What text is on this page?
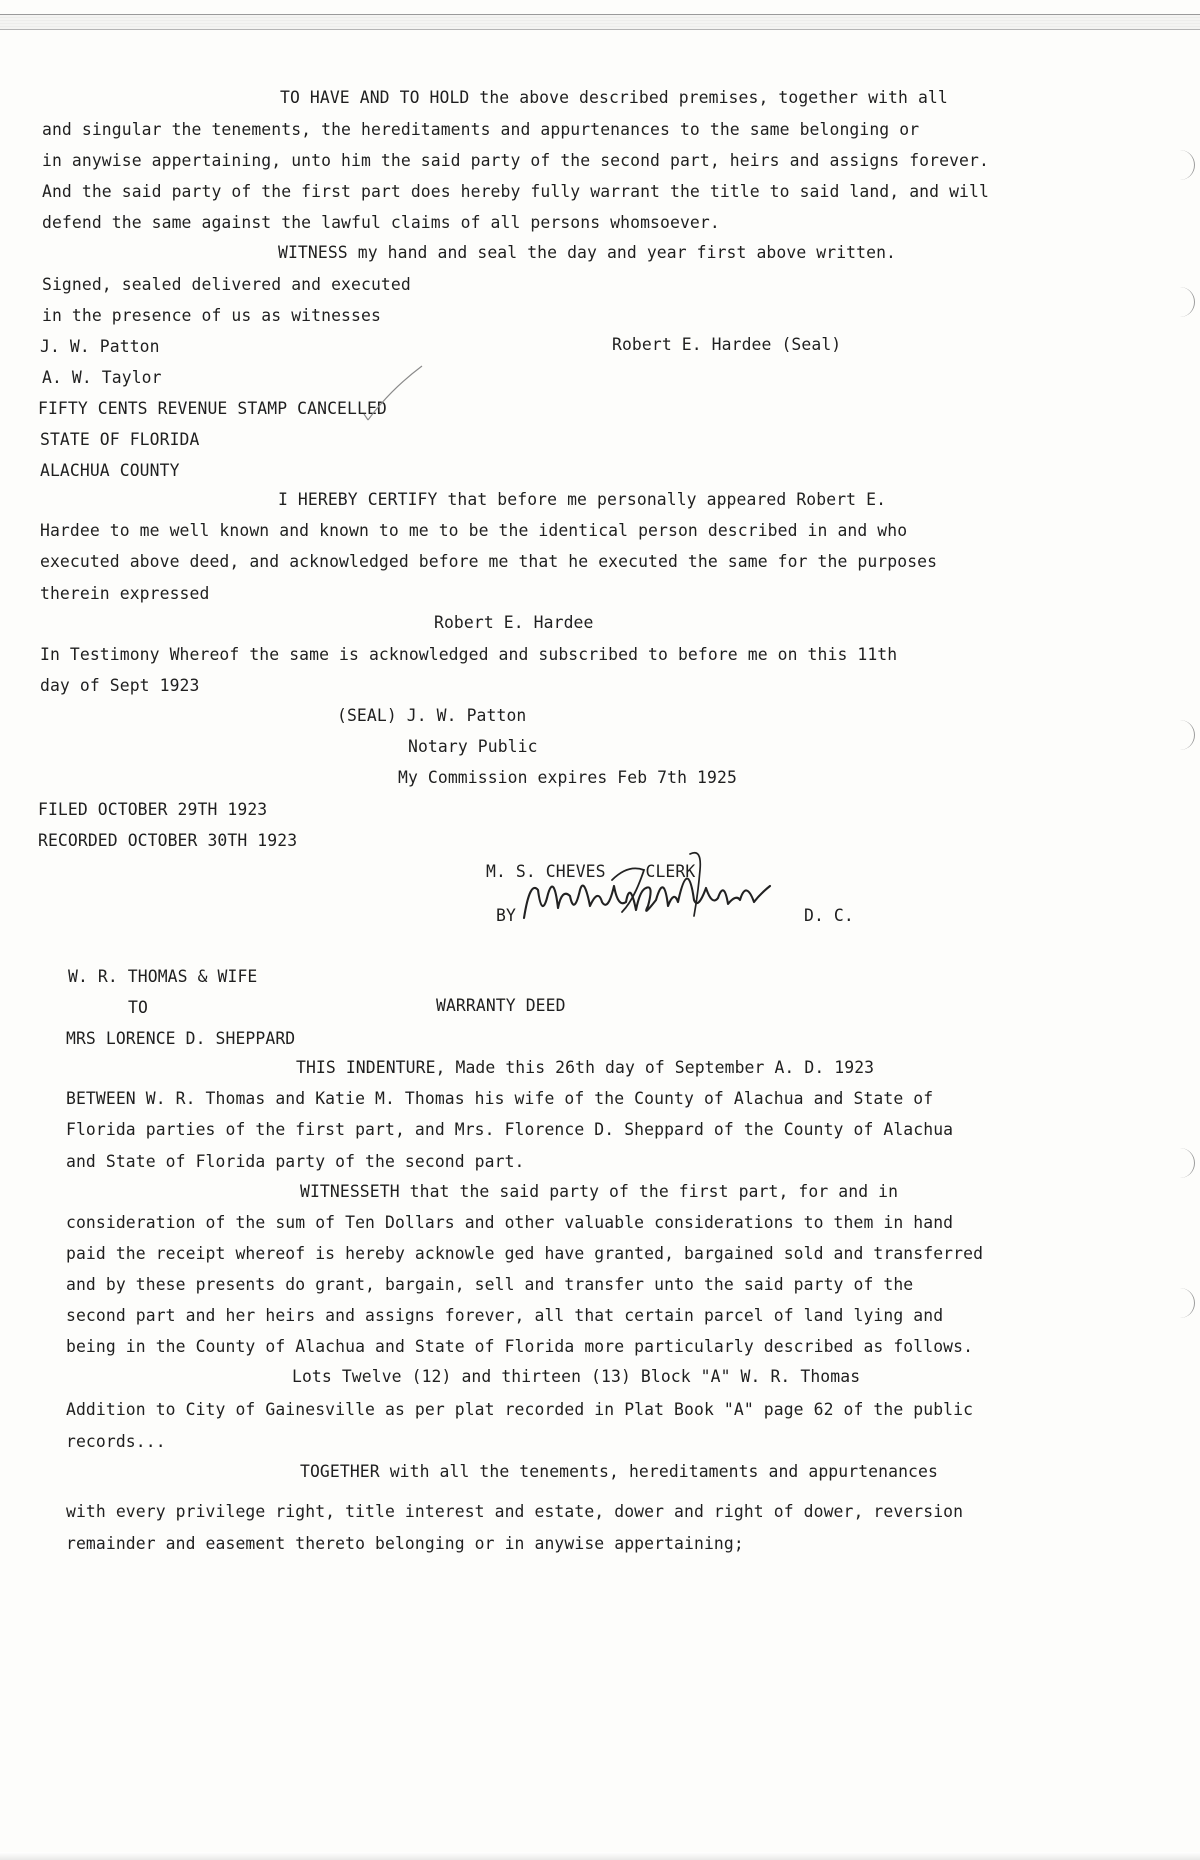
TO HAVE AND TO HOLD the above described premises, together with all
and singular the tenements, the hereditaments and appurtenances to the same belonging or
in anywise appertaining, unto him the said party of the second part, heirs and assigns forever.
And the said party of the first part does hereby fully warrant the title to said land, and will
defend the same against the lawful claims of all persons whomsoever.
WITNESS my hand and seal the day and year first above written.
Signed, sealed delivered and executed
in the presence of us as witnesses
J. W. Patton	Robert E. Hardee (Seal)
A. W. Taylor
FIFTY CENTS REVENUE STAMP CANCELLED
STATE OF FLORIDA
ALACHUA COUNTY
I HEREBY CERTIFY that before me personally appeared Robert E.
Hardee to me well known and known to me to be the identical person described in and who
executed above deed, and acknowledged before me that he executed the same for the purposes
therein expressed
Robert E. Hardee
In Testimony Whereof the same is acknowledged and subscribed to before me on this 11th
day of Sept 1923
(SEAL) J. W. Patton
Notary Public
My Commission expires Feb 7th 1925
FILED OCTOBER 29TH 1923
RECORDED OCTOBER 30TH 1923
M. S. CHEVES    CLERK
BY	D. C.
W. R. THOMAS & WIFE
TO	WARRANTY DEED
MRS LORENCE D. SHEPPARD
THIS INDENTURE, Made this 26th day of September A. D. 1923
BETWEEN W. R. Thomas and Katie M. Thomas his wife of the County of Alachua and State of
Florida parties of the first part, and Mrs. Florence D. Sheppard of the County of Alachua
and State of Florida party of the second part.
WITNESSETH that the said party of the first part, for and in
consideration of the sum of Ten Dollars and other valuable considerations to them in hand
paid the receipt whereof is hereby acknowle ged have granted, bargained sold and transferred
and by these presents do grant, bargain, sell and transfer unto the said party of the
second part and her heirs and assigns forever, all that certain parcel of land lying and
being in the County of Alachua and State of Florida more particularly described as follows.
Lots Twelve (12) and thirteen (13) Block "A" W. R. Thomas
Addition to City of Gainesville as per plat recorded in Plat Book "A" page 62 of the public
records...
TOGETHER with all the tenements, hereditaments and appurtenances
with every privilege right, title interest and estate, dower and right of dower, reversion
remainder and easement thereto belonging or in anywise appertaining;
